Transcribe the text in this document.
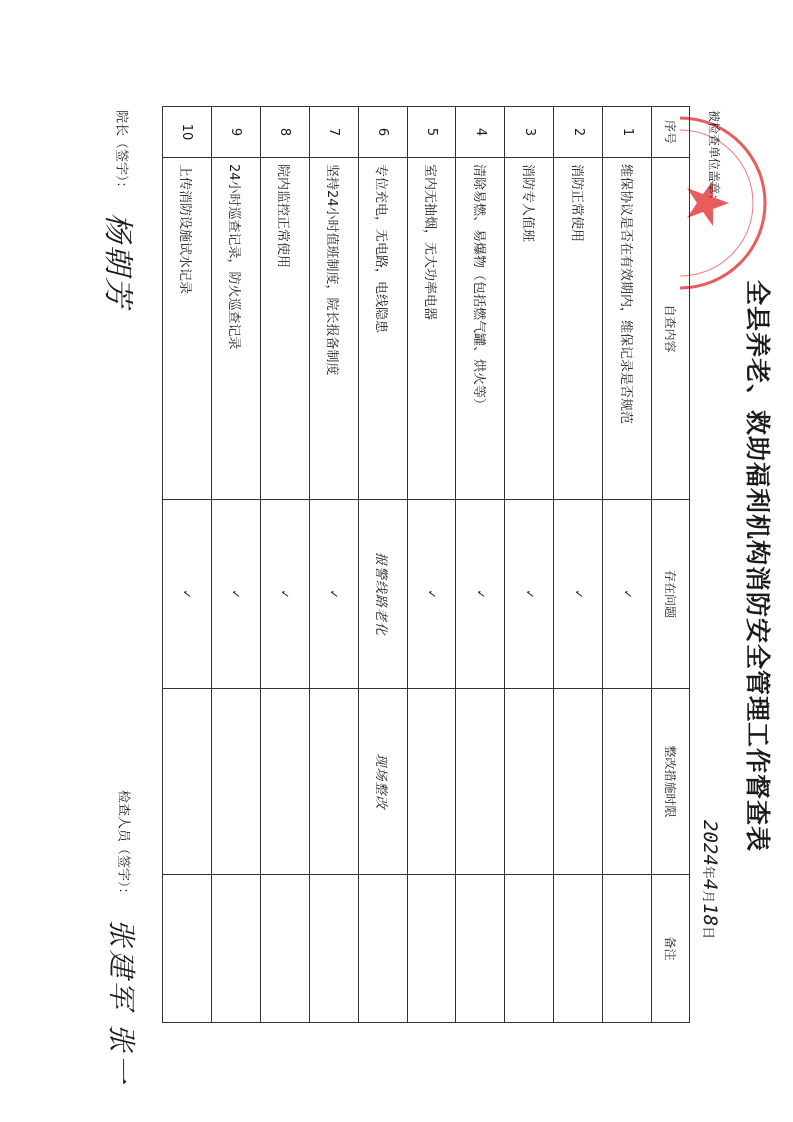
全县养老、救助福利机构消防安全管理工作督查表
被检查单位盖章：
2024年4月18日
序号	自查内容	存在问题	整改措施时限	备注
1	维保协议是否在有效期内，维保记录是否规范	✓		
2	消防正常使用	✓		
3	消防专人值班	✓		
4	清除易燃、易爆物（包括燃气罐、烘火等）	✓		
5	室内无抽烟，无大功率电器	✓		
6	专位充电，无电路，电线隐患	报警线路老化	现场整改	
7	坚持24小时值班制度，院长报备制度	✓		
8	院内监控正常使用	✓		
9	24小时巡查记录，防火巡查记录	✓		
10	上传消防设施试水记录	✓		
院长（签字）： 杨朝芳
检查人员（签字）： 张建军 张一
